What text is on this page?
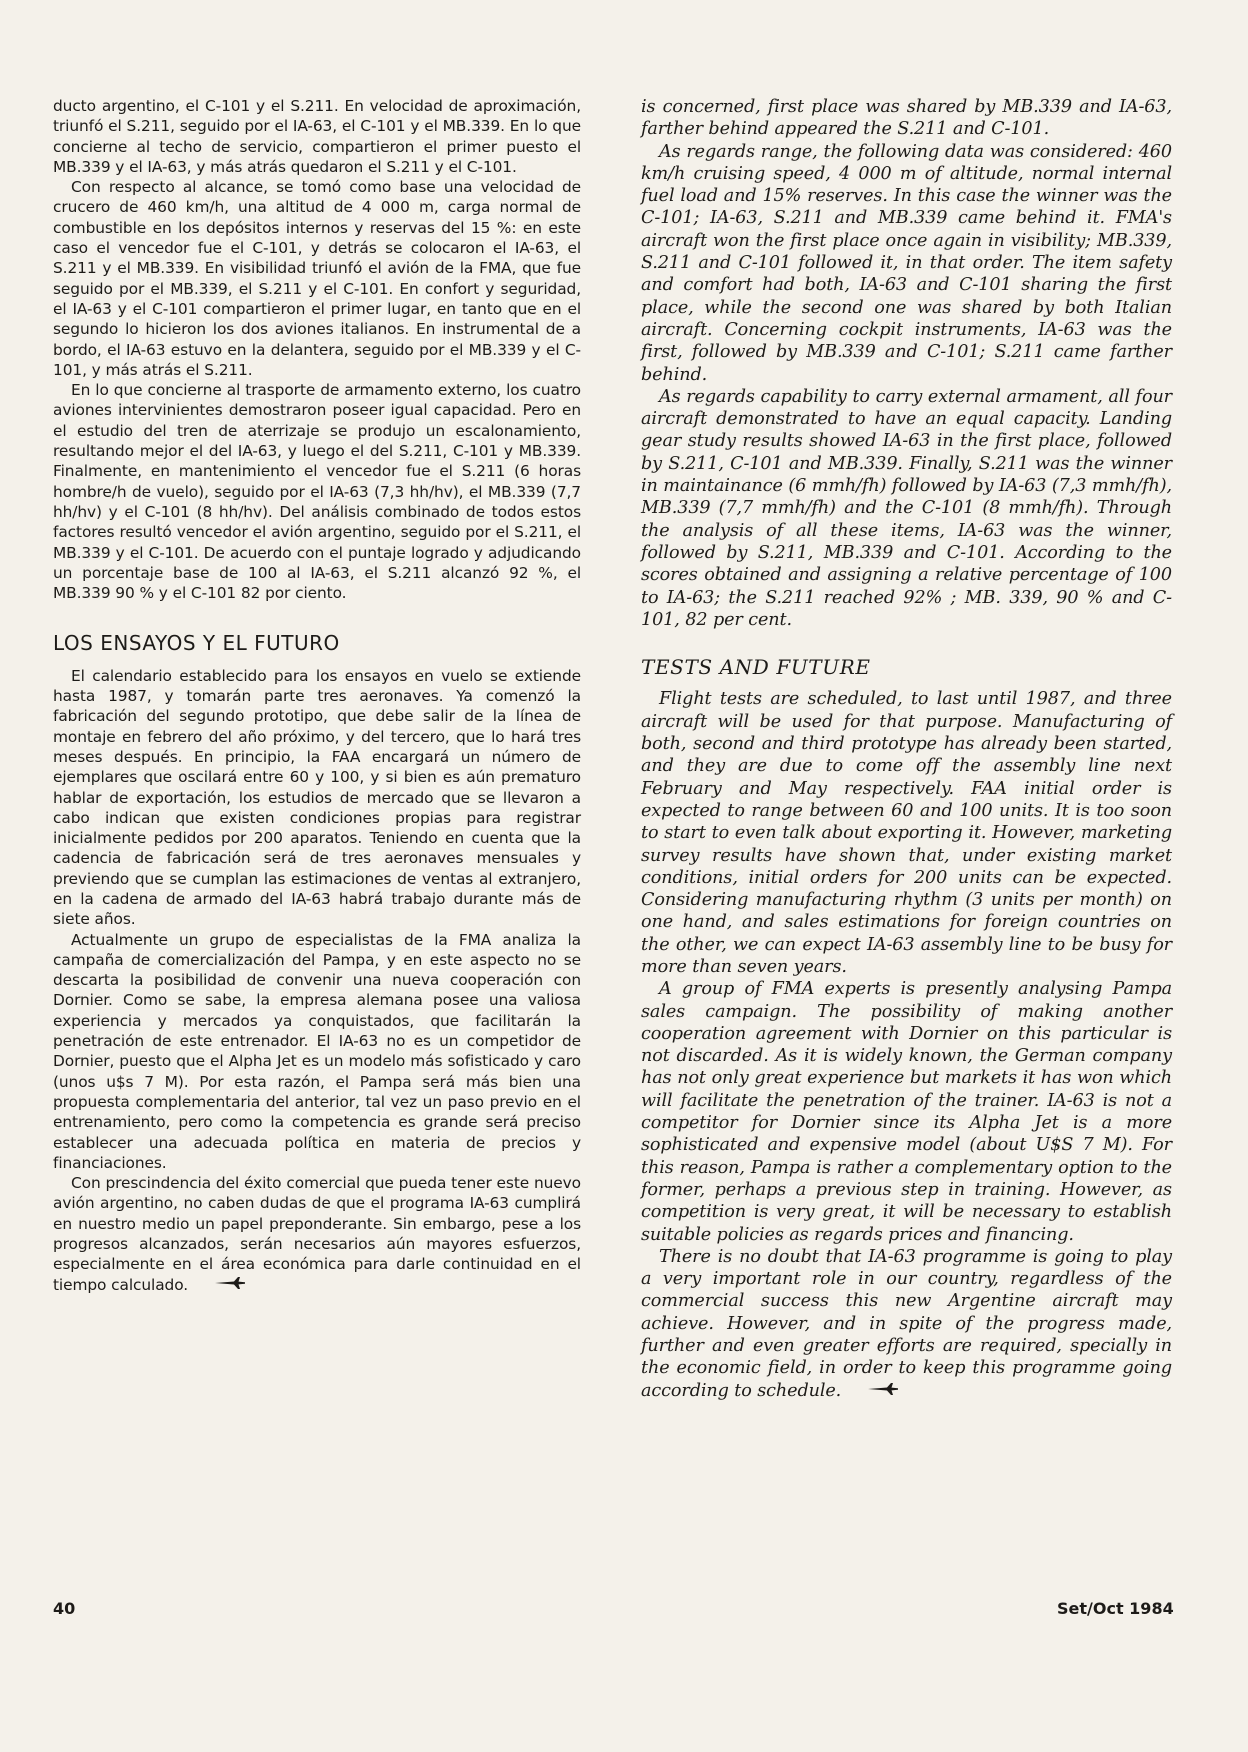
ducto argentino, el C-101 y el S.211. En velocidad de aproximación, triunfó el S.211, seguido por el IA-63, el C-101 y el MB.339. En lo que concierne al techo de servicio, compartieron el primer puesto el MB.339 y el IA-63, y más atrás quedaron el S.211 y el C-101.

Con respecto al alcance, se tomó como base una velocidad de crucero de 460 km/h, una altitud de 4 000 m, carga normal de combustible en los depósitos internos y reservas del 15 %: en este caso el vencedor fue el C-101, y detrás se colocaron el IA-63, el S.211 y el MB.339. En visibilidad triunfó el avión de la FMA, que fue seguido por el MB.339, el S.211 y el C-101. En confort y seguridad, el IA-63 y el C-101 compartieron el primer lugar, en tanto que en el segundo lo hicieron los dos aviones italianos. En instrumental de a bordo, el IA-63 estuvo en la delantera, seguido por el MB.339 y el C-101, y más atrás el S.211.

En lo que concierne al trasporte de armamento externo, los cuatro aviones intervinientes demostraron poseer igual capacidad. Pero en el estudio del tren de aterrizaje se produjo un escalonamiento, resultando mejor el del IA-63, y luego el del S.211, C-101 y MB.339. Finalmente, en mantenimiento el vencedor fue el S.211 (6 horas hombre/h de vuelo), seguido por el IA-63 (7,3 hh/hv), el MB.339 (7,7 hh/hv) y el C-101 (8 hh/hv). Del análisis combinado de todos estos factores resultó vencedor el avión argentino, seguido por el S.211, el MB.339 y el C-101. De acuerdo con el puntaje logrado y adjudicando un porcentaje base de 100 al IA-63, el S.211 alcanzó 92 %, el MB.339 90 % y el C-101 82 por ciento.

LOS ENSAYOS Y EL FUTURO

El calendario establecido para los ensayos en vuelo se extiende hasta 1987, y tomarán parte tres aeronaves. Ya comenzó la fabricación del segundo prototipo, que debe salir de la línea de montaje en febrero del año próximo, y del tercero, que lo hará tres meses después. En principio, la FAA encargará un número de ejemplares que oscilará entre 60 y 100, y si bien es aún prematuro hablar de exportación, los estudios de mercado que se llevaron a cabo indican que existen condiciones propias para registrar inicialmente pedidos por 200 aparatos. Teniendo en cuenta que la cadencia de fabricación será de tres aeronaves mensuales y previendo que se cumplan las estimaciones de ventas al extranjero, en la cadena de armado del IA-63 habrá trabajo durante más de siete años.

Actualmente un grupo de especialistas de la FMA analiza la campaña de comercialización del Pampa, y en este aspecto no se descarta la posibilidad de convenir una nueva cooperación con Dornier. Como se sabe, la empresa alemana posee una valiosa experiencia y mercados ya conquistados, que facilitarán la penetración de este entrenador. El IA-63 no es un competidor de Dornier, puesto que el Alpha Jet es un modelo más sofisticado y caro (unos u$s 7 M). Por esta razón, el Pampa será más bien una propuesta complementaria del anterior, tal vez un paso previo en el entrenamiento, pero como la competencia es grande será preciso establecer una adecuada política en materia de precios y financiaciones.

Con prescindencia del éxito comercial que pueda tener este nuevo avión argentino, no caben dudas de que el programa IA-63 cumplirá en nuestro medio un papel preponderante. Sin embargo, pese a los progresos alcanzados, serán necesarios aún mayores esfuerzos, especialmente en el área económica para darle continuidad en el tiempo calculado.

is concerned, first place was shared by MB.339 and IA-63, farther behind appeared the S.211 and C-101.

As regards range, the following data was considered: 460 km/h cruising speed, 4 000 m of altitude, normal internal fuel load and 15% reserves. In this case the winner was the C-101; IA-63, S.211 and MB.339 came behind it. FMA's aircraft won the first place once again in visibility; MB.339, S.211 and C-101 followed it, in that order. The item safety and comfort had both, IA-63 and C-101 sharing the first place, while the second one was shared by both Italian aircraft. Concerning cockpit instruments, IA-63 was the first, followed by MB.339 and C-101; S.211 came farther behind.

As regards capability to carry external armament, all four aircraft demonstrated to have an equal capacity. Landing gear study results showed IA-63 in the first place, followed by S.211, C-101 and MB.339. Finally, S.211 was the winner in maintainance (6 mmh/fh) followed by IA-63 (7,3 mmh/fh), MB.339 (7,7 mmh/fh) and the C-101 (8 mmh/fh). Through the analysis of all these items, IA-63 was the winner, followed by S.211, MB.339 and C-101. According to the scores obtained and assigning a relative percentage of 100 to IA-63; the S.211 reached 92% ; MB. 339, 90 % and C-101, 82 per cent.

TESTS AND FUTURE

Flight tests are scheduled, to last until 1987, and three aircraft will be used for that purpose. Manufacturing of both, second and third prototype has already been started, and they are due to come off the assembly line next February and May respectively. FAA initial order is expected to range between 60 and 100 units. It is too soon to start to even talk about exporting it. However, marketing survey results have shown that, under existing market conditions, initial orders for 200 units can be expected. Considering manufacturing rhythm (3 units per month) on one hand, and sales estimations for foreign countries on the other, we can expect IA-63 assembly line to be busy for more than seven years.

A group of FMA experts is presently analysing Pampa sales campaign. The possibility of making another cooperation agreement with Dornier on this particular is not discarded. As it is widely known, the German company has not only great experience but markets it has won which will facilitate the penetration of the trainer. IA-63 is not a competitor for Dornier since its Alpha Jet is a more sophisticated and expensive model (about U$S 7 M). For this reason, Pampa is rather a complementary option to the former, perhaps a previous step in training. However, as competition is very great, it will be necessary to establish suitable policies as regards prices and financing.

There is no doubt that IA-63 programme is going to play a very important role in our country, regardless of the commercial success this new Argentine aircraft may achieve. However, and in spite of the progress made, further and even greater efforts are required, specially in the economic field, in order to keep this programme going according to schedule.

40	Set/Oct 1984
